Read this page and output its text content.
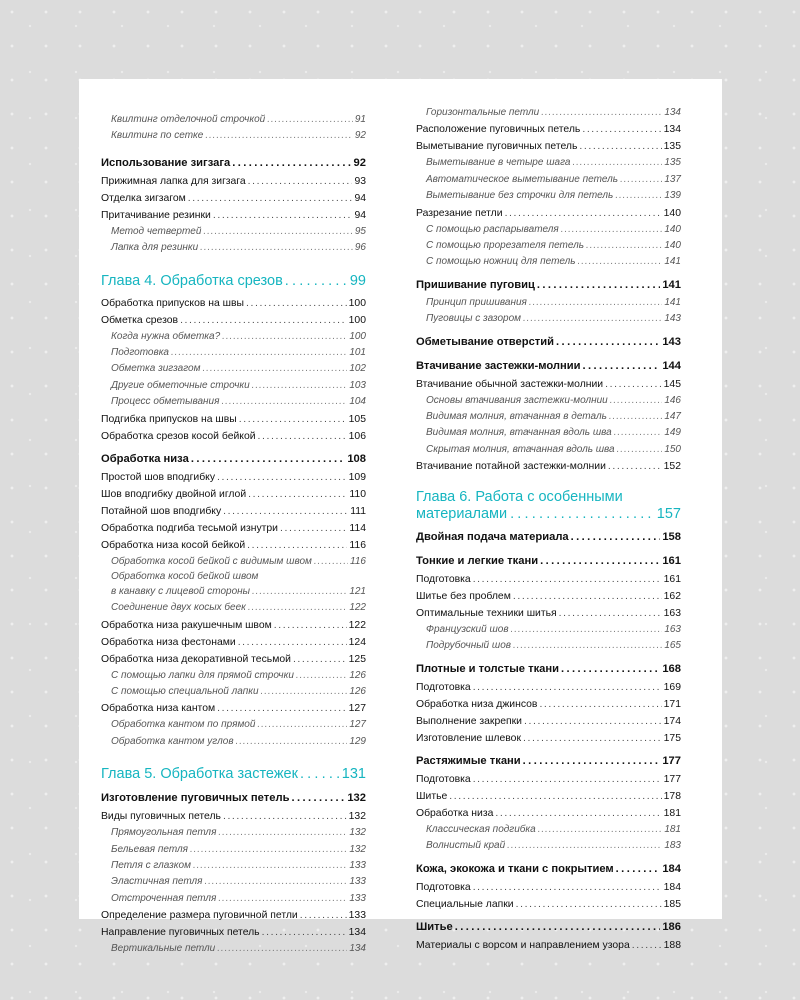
Квилтинг отделочной строчкой .....	91
Квилтинг по сетке .....	92
Использование зигзага .....	92
Прижимная лапка для зигзага .....	93
Отделка зигзагом .....	94
Притачивание резинки .....	94
Метод четвертей .....	95
Лапка для резинки .....	96
Глава 4. Обработка срезов .....	99
Обработка припусков на швы .....	100
Обметка срезов .....	100
Когда нужна обметка? .....	100
Подготовка .....	101
Обметка зигзагом .....	102
Другие обметочные строчки .....	103
Процесс обметывания .....	104
Подгибка припусков на швы .....	105
Обработка срезов косой бейкой .....	106
Обработка низа .....	108
Простой шов вподгибку .....	109
Шов вподгибку двойной иглой .....	110
Потайной шов вподгибку .....	111
Обработка подгиба тесьмой изнутри .....	114
Обработка низа косой бейкой .....	116
Обработка косой бейкой с видимым швом .....	116
Обработка косой бейкой швом
в канавку с лицевой стороны .....	121
Соединение двух косых беек .....	122
Обработка низа ракушечным швом .....	122
Обработка низа фестонами .....	124
Обработка низа декоративной тесьмой .....	125
С помощью лапки для прямой строчки .....	126
С помощью специальной лапки .....	126
Обработка низа кантом .....	127
Обработка кантом по прямой .....	127
Обработка кантом углов .....	129
Глава 5. Обработка застежек .....	131
Изготовление пуговичных петель .....	132
Виды пуговичных петель .....	132
Прямоугольная петля .....	132
Бельевая петля .....	132
Петля с глазком .....	133
Эластичная петля .....	133
Отстроченная петля .....	133
Определение размера пуговичной петли .....	133
Направление пуговичных петель .....	134
Вертикальные петли .....	134
Горизонтальные петли .....	134
Расположение пуговичных петель .....	134
Выметывание пуговичных петель .....	135
Выметывание в четыре шага .....	135
Автоматическое выметывание петель .....	137
Выметывание без строчки для петель .....	139
Разрезание петли .....	140
С помощью распарывателя .....	140
С помощью прорезателя петель .....	140
С помощью ножниц для петель .....	141
Пришивание пуговиц .....	141
Принцип пришивания .....	141
Пуговицы с зазором .....	143
Обметывание отверстий .....	143
Втачивание застежки-молнии .....	144
Втачивание обычной застежки-молнии .....	145
Основы втачивания застежки-молнии .....	146
Видимая молния, втачанная в деталь .....	147
Видимая молния, втачанная вдоль шва .....	149
Скрытая молния, втачанная вдоль шва .....	150
Втачивание потайной застежки-молнии .....	152
Глава 6. Работа с особенными
материалами .....	157
Двойная подача материала .....	158
Тонкие и легкие ткани .....	161
Подготовка .....	161
Шитье без проблем .....	162
Оптимальные техники шитья .....	163
Французский шов .....	163
Подрубочный шов .....	165
Плотные и толстые ткани .....	168
Подготовка .....	169
Обработка низа джинсов .....	171
Выполнение закрепки .....	174
Изготовление шлевок .....	175
Растяжимые ткани .....	177
Подготовка .....	177
Шитье .....	178
Обработка низа .....	181
Классическая подгибка .....	181
Волнистый край .....	183
Кожа, экокожа и ткани с покрытием .....	184
Подготовка .....	184
Специальные лапки .....	185
Шитье .....	186
Материалы с ворсом и направлением узора .....	188
